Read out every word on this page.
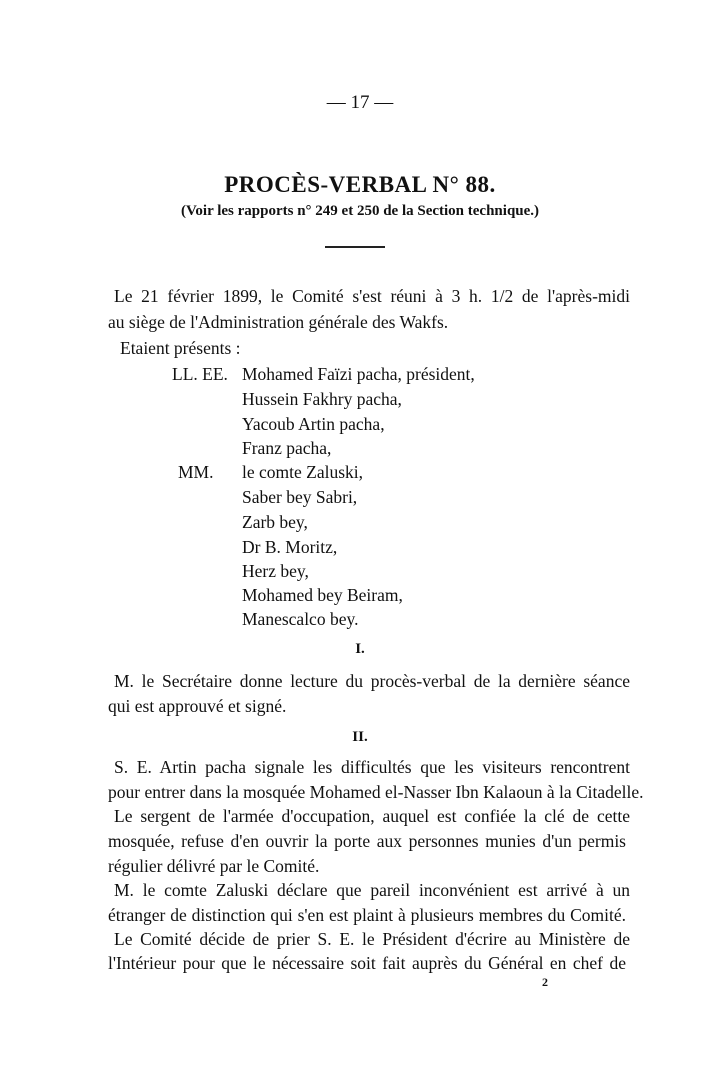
— 17 —
PROCÈS-VERBAL N° 88.
(Voir les rapports n° 249 et 250 de la Section technique.)
Le 21 février 1899, le Comité s'est réuni à 3 h. 1/2 de l'après-midi
au siège de l'Administration générale des Wakfs.
Etaient présents :
LL. EE. Mohamed Faïzi pacha, président,
Hussein Fakhry pacha,
Yacoub Artin pacha,
Franz pacha,
MM. le comte Zaluski,
Saber bey Sabri,
Zarb bey,
Dr B. Moritz,
Herz bey,
Mohamed bey Beiram,
Manescalco bey.
I.
M. le Secrétaire donne lecture du procès-verbal de la dernière séance
qui est approuvé et signé.
II.
S. E. Artin pacha signale les difficultés que les visiteurs rencontrent
pour entrer dans la mosquée Mohamed el-Nasser Ibn Kalaoun à la Citadelle.
Le sergent de l'armée d'occupation, auquel est confiée la clé de cette
mosquée, refuse d'en ouvrir la porte aux personnes munies d'un permis
régulier délivré par le Comité.
M. le comte Zaluski déclare que pareil inconvénient est arrivé à un
étranger de distinction qui s'en est plaint à plusieurs membres du Comité.
Le Comité décide de prier S. E. le Président d'écrire au Ministère de
l'Intérieur pour que le nécessaire soit fait auprès du Général en chef de
2
